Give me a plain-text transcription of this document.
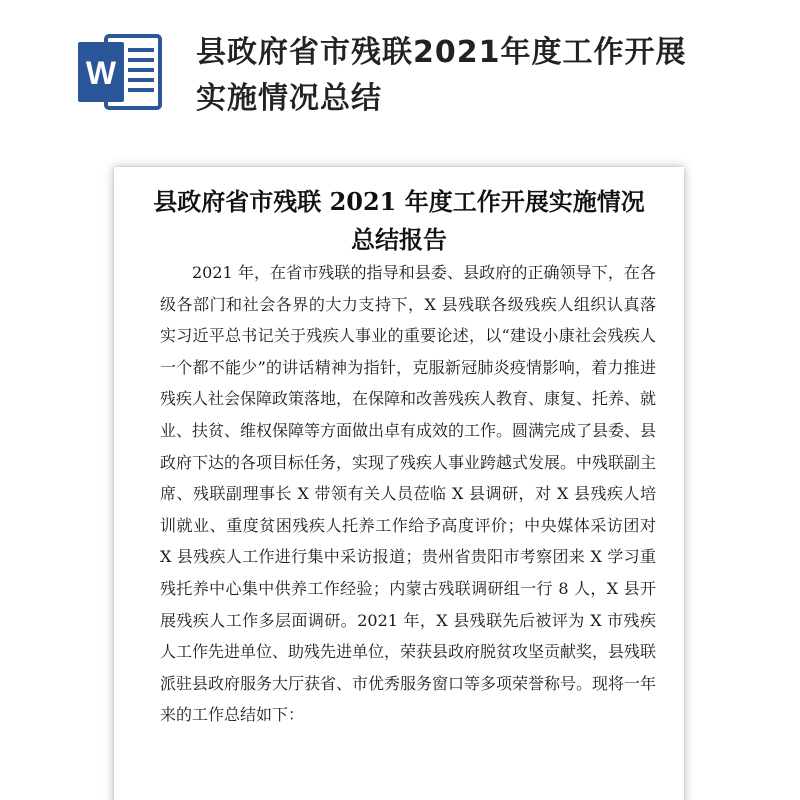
W
县政府省市残联2021年度工作开展实施情况总结
县政府省市残联 2021 年度工作开展实施情况总结报告

2021 年，在省市残联的指导和县委、县政府的正确领导下，在各级各部门和社会各界的大力支持下，X 县残联各级残疾人组织认真落实习近平总书记关于残疾人事业的重要论述，以“建设小康社会残疾人一个都不能少”的讲话精神为指针，克服新冠肺炎疫情影响，着力推进残疾人社会保障政策落地，在保障和改善残疾人教育、康复、托养、就业、扶贫、维权保障等方面做出卓有成效的工作。圆满完成了县委、县政府下达的各项目标任务，实现了残疾人事业跨越式发展。中残联副主席、残联副理事长 X 带领有关人员莅临 X 县调研，对 X 县残疾人培训就业、重度贫困残疾人托养工作给予高度评价；中央媒体采访团对 X 县残疾人工作进行集中采访报道；贵州省贵阳市考察团来 X 学习重残托养中心集中供养工作经验；内蒙古残联调研组一行 8 人，X 县开展残疾人工作多层面调研。2021 年，X 县残联先后被评为 X 市残疾人工作先进单位、助残先进单位，荣获县政府脱贫攻坚贡献奖，县残联派驻县政府服务大厅获省、市优秀服务窗口等多项荣誉称号。现将一年来的工作总结如下：
